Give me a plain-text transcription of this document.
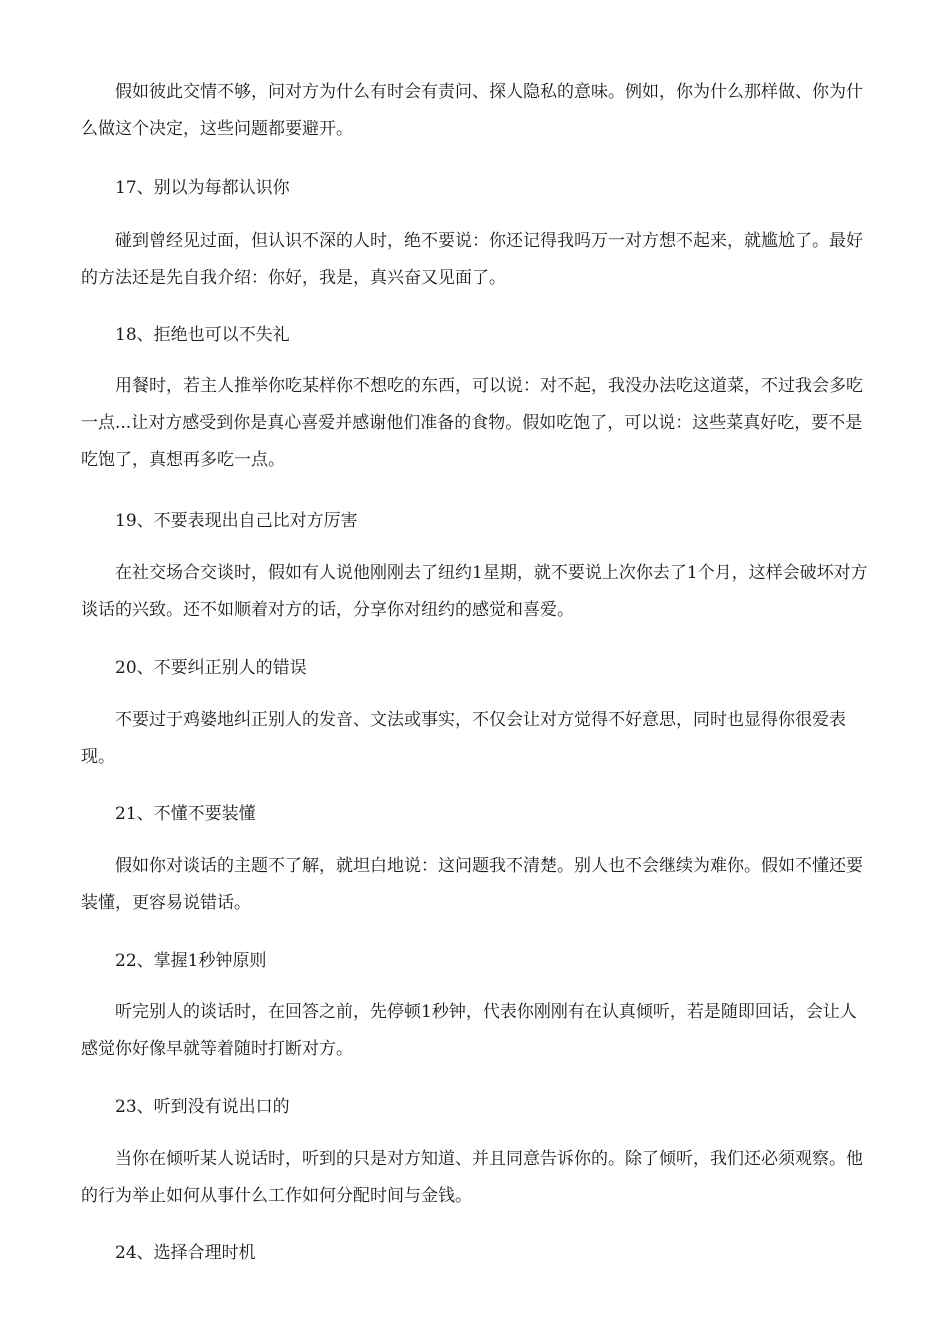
假如彼此交情不够，问对方为什么有时会有责问、探人隐私的意味。例如，你为什么那样做、你为什么做这个决定，这些问题都要避开。

17、别以为每都认识你

碰到曾经见过面，但认识不深的人时，绝不要说：你还记得我吗万一对方想不起来，就尴尬了。最好的方法还是先自我介绍：你好，我是，真兴奋又见面了。

18、拒绝也可以不失礼

用餐时，若主人推举你吃某样你不想吃的东西，可以说：对不起，我没办法吃这道菜，不过我会多吃一点...让对方感受到你是真心喜爱并感谢他们准备的食物。假如吃饱了，可以说：这些菜真好吃，要不是吃饱了，真想再多吃一点。

19、不要表现出自己比对方厉害

在社交场合交谈时，假如有人说他刚刚去了纽约1星期，就不要说上次你去了1个月，这样会破坏对方谈话的兴致。还不如顺着对方的话，分享你对纽约的感觉和喜爱。

20、不要纠正别人的错误

不要过于鸡婆地纠正别人的发音、文法或事实，不仅会让对方觉得不好意思，同时也显得你很爱表现。

21、不懂不要装懂

假如你对谈话的主题不了解，就坦白地说：这问题我不清楚。别人也不会继续为难你。假如不懂还要装懂，更容易说错话。

22、掌握1秒钟原则

听完别人的谈话时，在回答之前，先停顿1秒钟，代表你刚刚有在认真倾听，若是随即回话，会让人感觉你好像早就等着随时打断对方。

23、听到没有说出口的

当你在倾听某人说话时，听到的只是对方知道、并且同意告诉你的。除了倾听，我们还必须观察。他的行为举止如何从事什么工作如何分配时间与金钱。

24、选择合理时机
